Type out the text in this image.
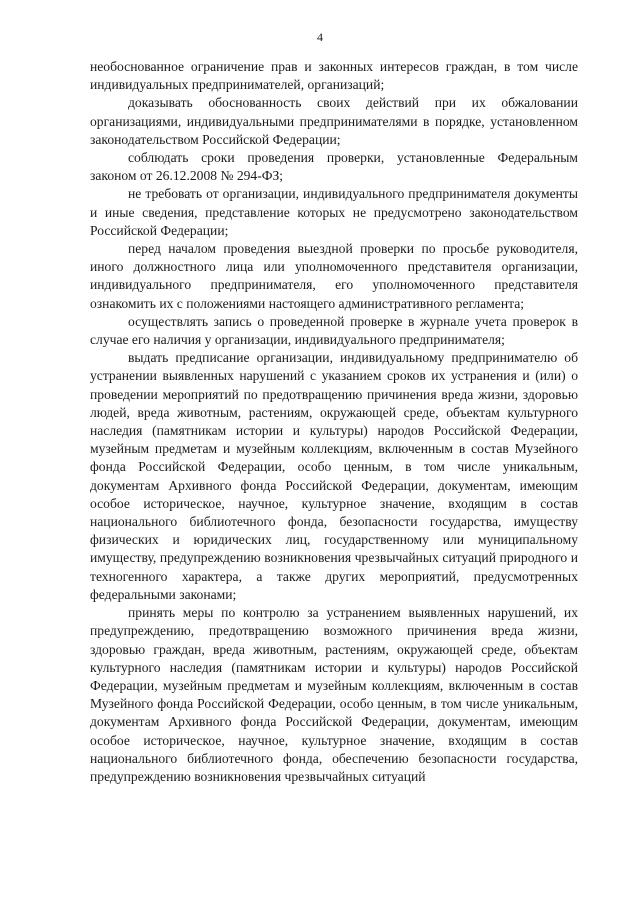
4

необоснованное ограничение прав и законных интересов граждан, в том числе индивидуальных предпринимателей, организаций;

доказывать обоснованность своих действий при их обжаловании организациями, индивидуальными предпринимателями в порядке, установленном законодательством Российской Федерации;

соблюдать сроки проведения проверки, установленные Федеральным законом от 26.12.2008 № 294-ФЗ;

не требовать от организации, индивидуального предпринимателя документы и иные сведения, представление которых не предусмотрено законодательством Российской Федерации;

перед началом проведения выездной проверки по просьбе руководителя, иного должностного лица или уполномоченного представителя организации, индивидуального предпринимателя, его уполномоченного представителя ознакомить их с положениями настоящего административного регламента;

осуществлять запись о проведенной проверке в журнале учета проверок в случае его наличия у организации, индивидуального предпринимателя;

выдать предписание организации, индивидуальному предпринимателю об устранении выявленных нарушений с указанием сроков их устранения и (или) о проведении мероприятий по предотвращению причинения вреда жизни, здоровью людей, вреда животным, растениям, окружающей среде, объектам культурного наследия (памятникам истории и культуры) народов Российской Федерации, музейным предметам и музейным коллекциям, включенным в состав Музейного фонда Российской Федерации, особо ценным, в том числе уникальным, документам Архивного фонда Российской Федерации, документам, имеющим особое историческое, научное, культурное значение, входящим в состав национального библиотечного фонда, безопасности государства, имуществу физических и юридических лиц, государственному или муниципальному имуществу, предупреждению возникновения чрезвычайных ситуаций природного и техногенного характера, а также других мероприятий, предусмотренных федеральными законами;

принять меры по контролю за устранением выявленных нарушений, их предупреждению, предотвращению возможного причинения вреда жизни, здоровью граждан, вреда животным, растениям, окружающей среде, объектам культурного наследия (памятникам истории и культуры) народов Российской Федерации, музейным предметам и музейным коллекциям, включенным в состав Музейного фонда Российской Федерации, особо ценным, в том числе уникальным, документам Архивного фонда Российской Федерации, документам, имеющим особое историческое, научное, культурное значение, входящим в состав национального библиотечного фонда, обеспечению безопасности государства, предупреждению возникновения чрезвычайных ситуаций
